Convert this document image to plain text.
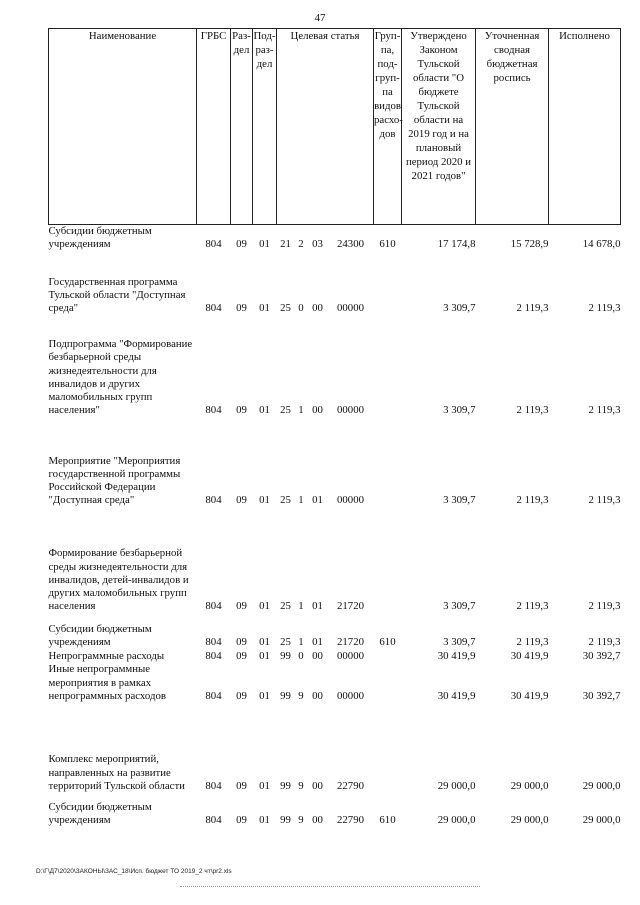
47
Наименование	ГРБС	Раз-дел	Под-раз-дел	Целевая статья				Груп-па, под-груп-па видов расхо-дов	Утверждено Законом Тульской области "О бюджете Тульской области на 2019 год и на плановый период 2020 и 2021 годов"	Уточненная сводная бюджетная роспись	Исполнено
Субсидии бюджетным учреждениям	804	09	01	21	2	03	24300	610	17 174,8	15 728,9	14 678,0
Государственная программа Тульской области "Доступная среда"	804	09	01	25	0	00	00000		3 309,7	2 119,3	2 119,3
Подпрограмма "Формирование безбарьерной среды жизнедеятельности для инвалидов и других маломобильных групп населения"	804	09	01	25	1	00	00000		3 309,7	2 119,3	2 119,3
Мероприятие "Мероприятия государственной программы Российской Федерации "Доступная среда"	804	09	01	25	1	01	00000		3 309,7	2 119,3	2 119,3
Формирование безбарьерной среды жизнедеятельности для инвалидов, детей-инвалидов и других маломобильных групп населения	804	09	01	25	1	01	21720		3 309,7	2 119,3	2 119,3
Субсидии бюджетным учреждениям	804	09	01	25	1	01	21720	610	3 309,7	2 119,3	2 119,3
Непрограммные расходы	804	09	01	99	0	00	00000		30 419,9	30 419,9	30 392,7
Иные непрограммные мероприятия в рамках непрограммных расходов	804	09	01	99	9	00	00000		30 419,9	30 419,9	30 392,7
Комплекс мероприятий, направленных на развитие территорий Тульской области	804	09	01	99	9	00	22790		29 000,0	29 000,0	29 000,0
Субсидии бюджетным учреждениям	804	09	01	99	9	00	22790	610	29 000,0	29 000,0	29 000,0
D:\Г\Д7\2020\ЗАКОНЫ\ЗАС_18\Исп. бюджет ТО 2019_2 чт\pr2.xls
